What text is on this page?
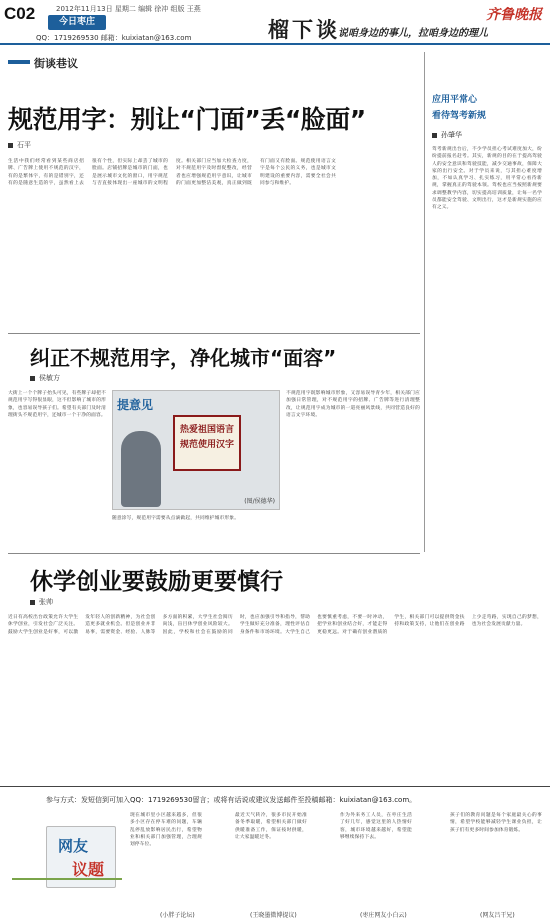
C02	2012年11月13日 星期二 编辑 徐冲 组版 王燕
今日枣庄
QQ：1719269530 邮箱：kuixiatan@163.com	榴下谈
说咱身边的事儿，拉咱身边的理儿
齐鲁晚报
街谈巷议
规范用字：别让“门面”丢“脸面”
石平
生活中我们经常看到某些商店招牌、广告牌上使用不规范的汉字，有的是繁体字，有的是错别字，还有的是随意生造的字，虽然看上去很有个性，但实际上却丢了城市的脸面。店铺招牌是城市的门面，也是展示城市文化的窗口，用字规范与否直接体现出一座城市的文明程度。相关部门应当加大检查力度，对不规范用字及时督促整改，经营者也应增强规范用字意识，让城市的门面更加整洁美观，真正做到既有门面又有脸面。规范使用语言文字是每个公民的义务，也是城市文明建设的重要内容，需要全社会共同参与和维护。
纠正不规范用字，净化城市“面容”
侯敏方
大街上一个个牌子抬头可见，有些牌子却把不规范用字写得很显眼，这不但影响了城市的形象，也容易误导孩子们。希望有关部门及时清理街头不规范用字，还城市一个干净的面容。
提意见
热爱祖国语言 规范使用汉字
(图/侯德华)
随意涂写，规范用字需要从点滴做起，共同维护城市形象。
不规范用字既影响城市形象，又容易误导青少年，相关部门应加强日常管理，对不规范用字的招牌、广告牌等进行清理整改，让规范用字成为城市的一道亮丽风景线，共同营造良好的语言文字环境。
应用平常心
看待驾考新规
孙肇华
驾考新规出台后，不少学员担心考试难度加大，纷纷提前报名赶考。其实，新规的目的在于提高驾驶人的安全意识和驾驶技能，减少交通事故，保障大家的出行安全。对于学员来说，与其担心难度增加，不如认真学习、扎实练习，用平常心看待新规，掌握真正的驾驶本领。驾校也应当按照新规要求调整教学内容，切实提高培训质量，让每一名学员都能安全驾驶、文明出行，这才是新规实施的应有之义。
休学创业要鼓励更要慎行
张帅
近日有高校出台政策允许大学生休学创业，引发社会广泛关注。鼓励大学生创业是好事，可以激发年轻人的创新精神，为社会创造更多就业机会。但是创业并非易事，需要资金、经验、人脉等多方面的积累，大学生社会阅历尚浅，盲目休学创业风险较大。因此，学校和社会在鼓励的同时，也应加强引导和指导，帮助学生做好充分准备，理性评估自身条件和市场环境。大学生自己也要慎重考虑，不要一时冲动，把学业和创业结合好，才能走得更稳更远。对于确有创业潜质的学生，相关部门可以提供资金扶持和政策支持，让他们在创业路上少走弯路，实现自己的梦想，也为社会发展贡献力量。
参与方式：发短信到可加入QQ：1719269530留言；或将有话说或建议发送邮件至投稿邮箱：kuixiatan@163.com。
网友
议题
现在城市里小区越来越多，但很多小区存在停车难的问题，车辆乱停乱放影响居民出行，希望物业和相关部门加强管理，合理规划停车位。
最近天气转冷，很多市民开始准备冬季取暖，希望相关部门做好供暖准备工作，保证按时供暖，让大家温暖过冬。
作为外来务工人员，在枣庄生活了好几年，感觉这里的人热情好客，城市环境越来越好，希望能够继续保持下去。
孩子们的教育问题是每个家庭最关心的事情，希望学校能够减轻学生课业负担，让孩子们有更多时间参加体育锻炼。
(小胖子论坛)	(王晓墨微博提议)	(枣庄网友小白云)	(网友吕干兄)
